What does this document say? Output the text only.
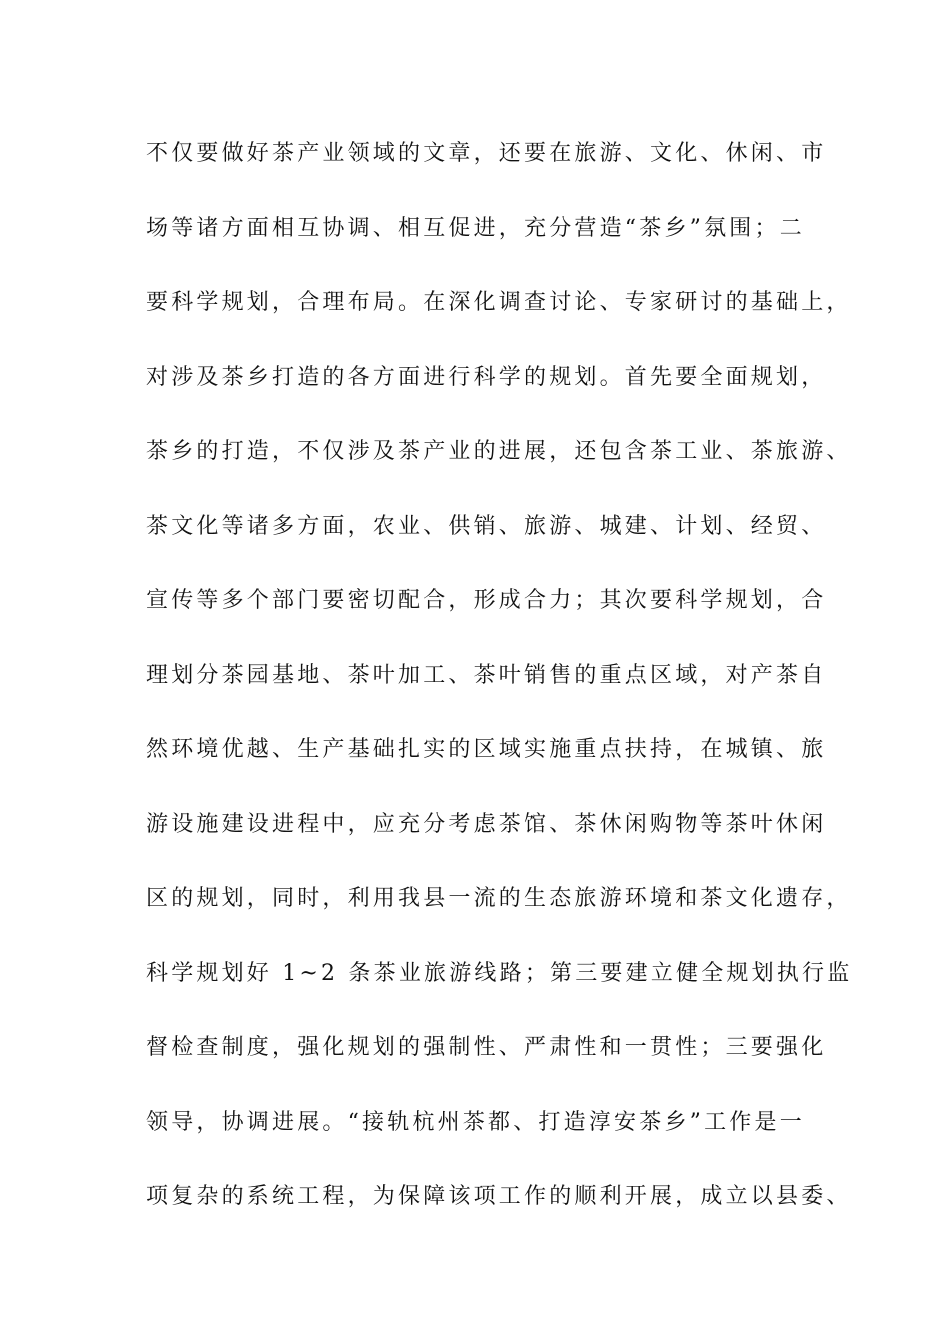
不仅要做好茶产业领域的文章，还要在旅游、文化、休闲、市
场等诸方面相互协调、相互促进，充分营造“茶乡”氛围；二
要科学规划，合理布局。在深化调查讨论、专家研讨的基础上，
对涉及茶乡打造的各方面进行科学的规划。首先要全面规划，
茶乡的打造，不仅涉及茶产业的进展，还包含茶工业、茶旅游、
茶文化等诸多方面，农业、供销、旅游、城建、计划、经贸、
宣传等多个部门要密切配合，形成合力；其次要科学规划，合
理划分茶园基地、茶叶加工、茶叶销售的重点区域，对产茶自
然环境优越、生产基础扎实的区域实施重点扶持，在城镇、旅
游设施建设进程中，应充分考虑茶馆、茶休闲购物等茶叶休闲
区的规划，同时，利用我县一流的生态旅游环境和茶文化遗存，
科学规划好 1~2 条茶业旅游线路；第三要建立健全规划执行监
督检查制度，强化规划的强制性、严肃性和一贯性；三要强化
领导，协调进展。“接轨杭州茶都、打造淳安茶乡”工作是一
项复杂的系统工程，为保障该项工作的顺利开展，成立以县委、
